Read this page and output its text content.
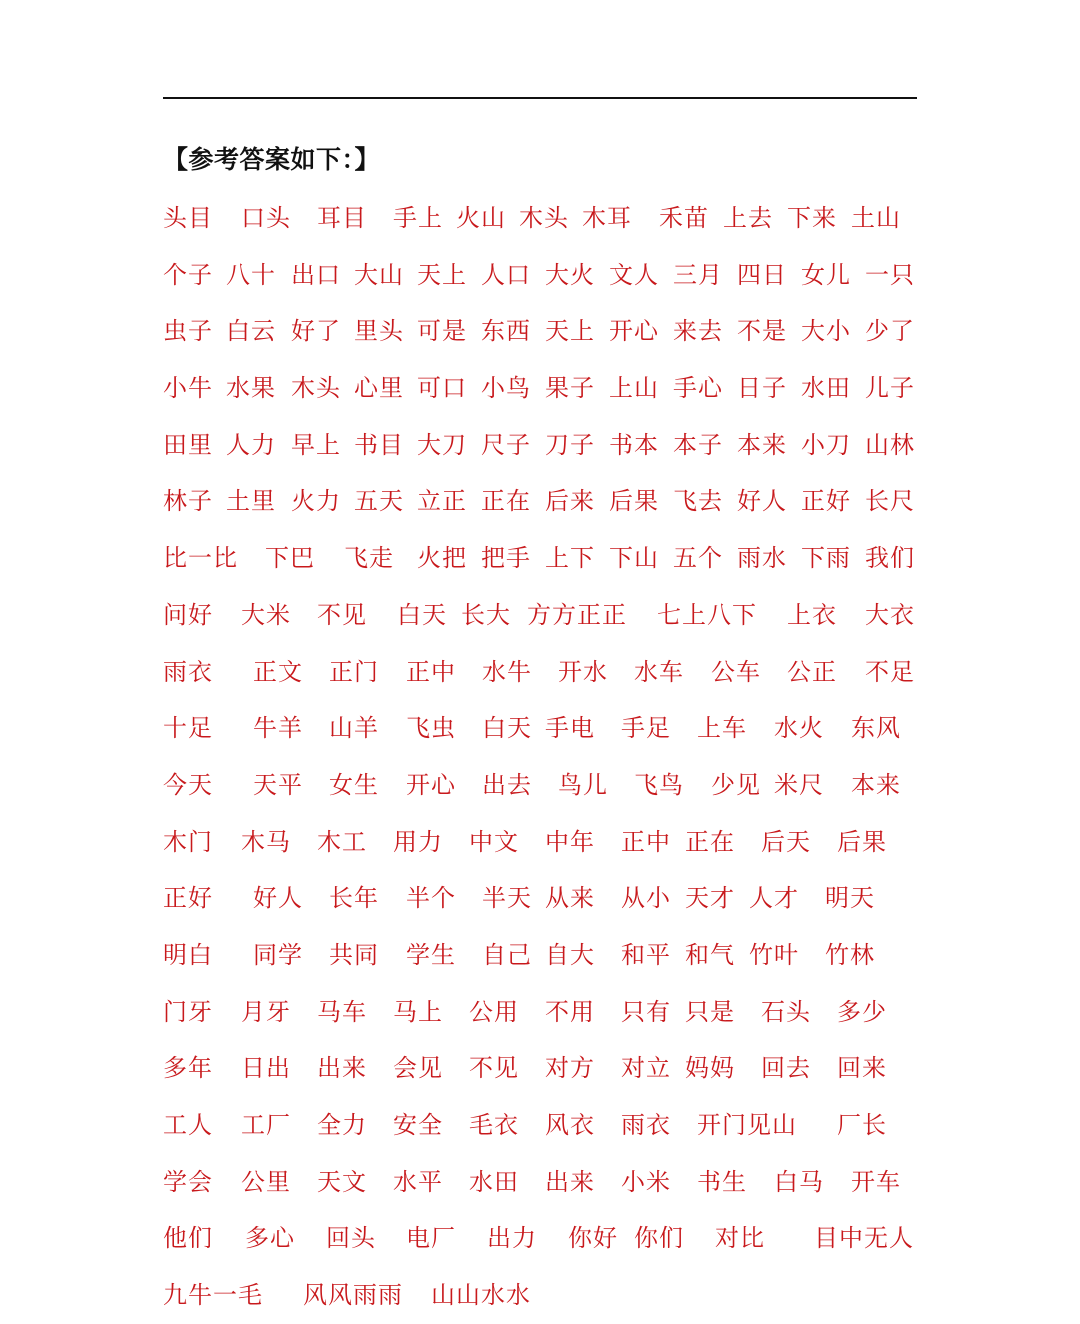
【参考答案如下：】
头目 口头 耳目 手上 火山 木头 木耳 禾苗 上去 下来 土山
个子 八十 出口 大山 天上 人口 大火 文人 三月 四日 女儿 一只
虫子 白云 好了 里头 可是 东西 天上 开心 来去 不是 大小 少了
小牛 水果 木头 心里 可口 小鸟 果子 上山 手心 日子 水田 儿子
田里 人力 早上 书目 大刀 尺子 刀子 书本 本子 本来 小刀 山林
林子 土里 火力 五天 立正 正在 后来 后果 飞去 好人 正好 长尺
比一比 下巴 飞走 火把 把手 上下 下山 五个 雨水 下雨 我们
问好 大米 不见 白天 长大 方方正正 七上八下 上衣 大衣
雨衣 正文 正门 正中 水牛 开水 水车 公车 公正 不足
十足 牛羊 山羊 飞虫 白天 手电 手足 上车 水火 东风
今天 天平 女生 开心 出去 鸟儿 飞鸟 少见 米尺 本来
木门 木马 木工 用力 中文 中年 正中 正在 后天 后果
正好 好人 长年 半个 半天 从来 从小 天才 人才 明天
明白 同学 共同 学生 自己 自大 和平 和气 竹叶 竹林
门牙 月牙 马车 马上 公用 不用 只有 只是 石头 多少
多年 日出 出来 会见 不见 对方 对立 妈妈 回去 回来
工人 工厂 全力 安全 毛衣 风衣 雨衣 开门见山 厂长
学会 公里 天文 水平 水田 出来 小米 书生 白马 开车
他们 多心 回头 电厂 出力 你好 你们 对比 目中无人
九牛一毛 风风雨雨 山山水水
